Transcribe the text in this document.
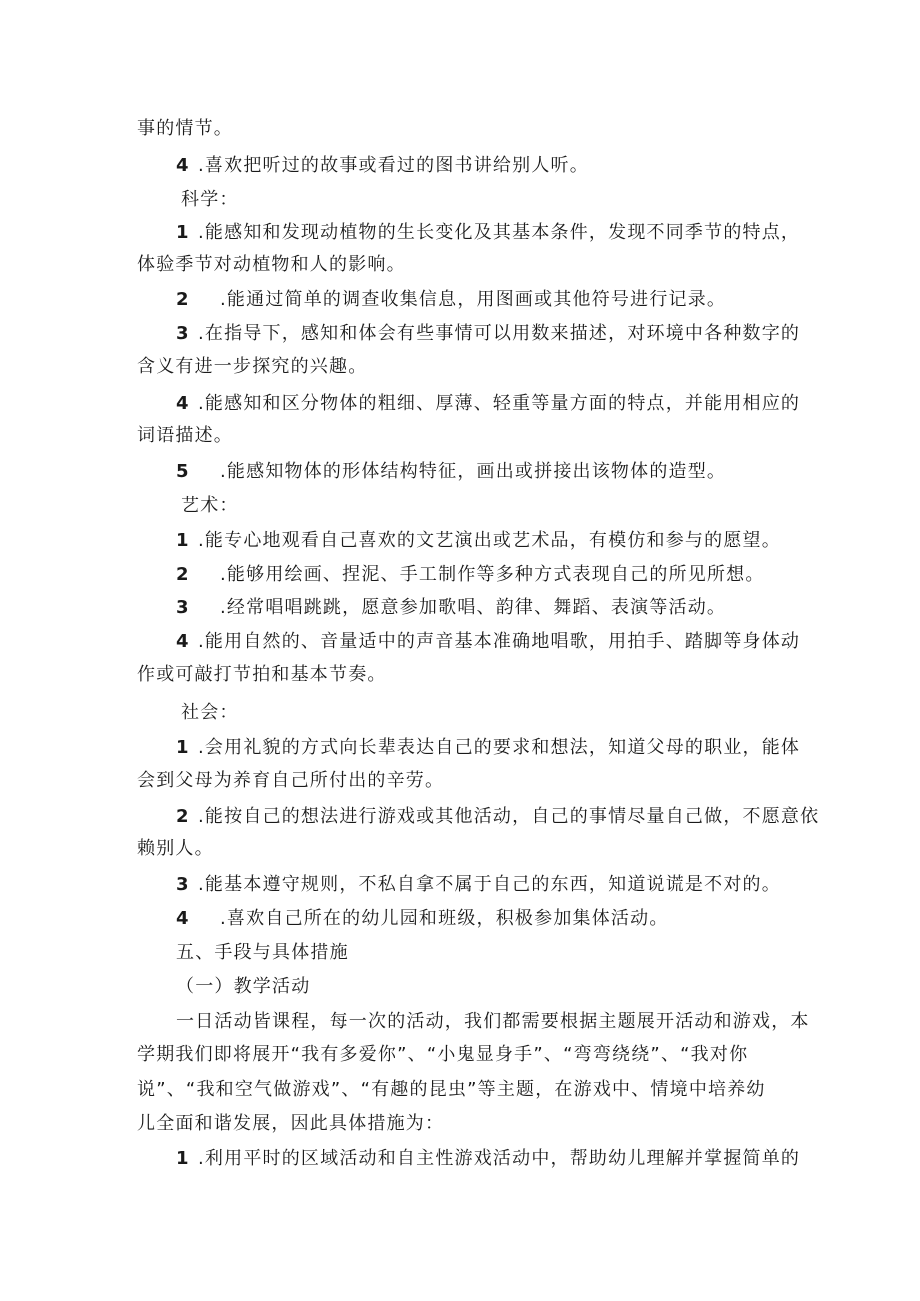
事的情节。
4 .喜欢把听过的故事或看过的图书讲给别人听。
科学：
1 .能感知和发现动植物的生长变化及其基本条件，发现不同季节的特点，
体验季节对动植物和人的影响。
2 .能通过简单的调查收集信息，用图画或其他符号进行记录。
3 .在指导下，感知和体会有些事情可以用数来描述，对环境中各种数字的
含义有进一步探究的兴趣。
4 .能感知和区分物体的粗细、厚薄、轻重等量方面的特点，并能用相应的
词语描述。
5 .能感知物体的形体结构特征，画出或拼接出该物体的造型。
艺术：
1 .能专心地观看自己喜欢的文艺演出或艺术品，有模仿和参与的愿望。
2 .能够用绘画、捏泥、手工制作等多种方式表现自己的所见所想。
3 .经常唱唱跳跳，愿意参加歌唱、韵律、舞蹈、表演等活动。
4 .能用自然的、音量适中的声音基本准确地唱歌，用拍手、踏脚等身体动
作或可敲打节拍和基本节奏。
社会：
1 .会用礼貌的方式向长辈表达自己的要求和想法，知道父母的职业，能体
会到父母为养育自己所付出的辛劳。
2 .能按自己的想法进行游戏或其他活动，自己的事情尽量自己做，不愿意依
赖别人。
3 .能基本遵守规则，不私自拿不属于自己的东西，知道说谎是不对的。
4 .喜欢自己所在的幼儿园和班级，积极参加集体活动。
五、手段与具体措施
（一）教学活动
一日活动皆课程，每一次的活动，我们都需要根据主题展开活动和游戏，本
学期我们即将展开“我有多爱你”、“小鬼显身手”、“弯弯绕绕”、“我对你
说”、“我和空气做游戏”、“有趣的昆虫”等主题，在游戏中、情境中培养幼
儿全面和谐发展，因此具体措施为：
1 .利用平时的区域活动和自主性游戏活动中，帮助幼儿理解并掌握简单的
